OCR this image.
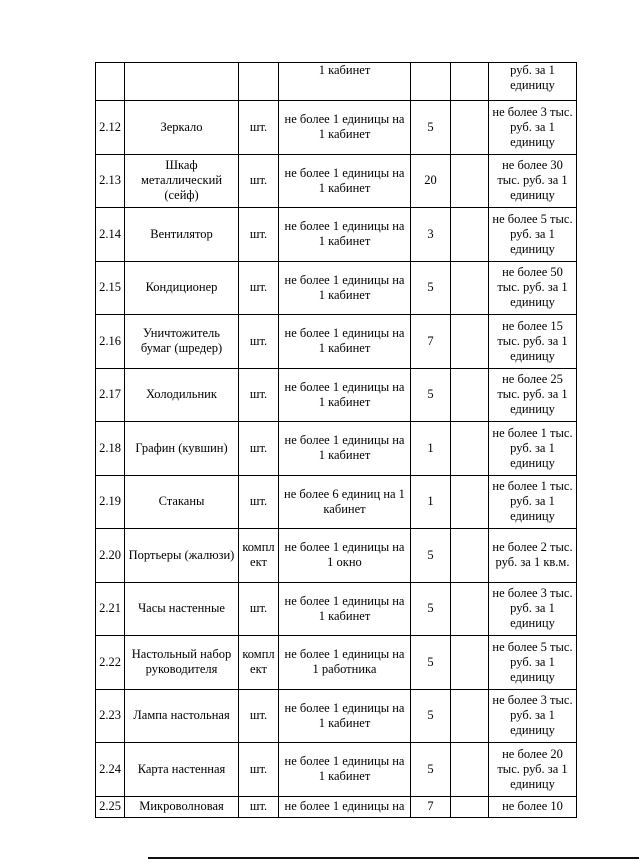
			1 кабинет			руб. за 1 единицу
2.12	Зеркало	шт.	не более 1 единицы на 1 кабинет	5		не более 3 тыс. руб. за 1 единицу
2.13	Шкаф металлический (сейф)	шт.	не более 1 единицы на 1 кабинет	20		не более 30 тыс. руб. за 1 единицу
2.14	Вентилятор	шт.	не более 1 единицы на 1 кабинет	3		не более 5 тыс. руб. за 1 единицу
2.15	Кондиционер	шт.	не более 1 единицы на 1 кабинет	5		не более 50 тыс. руб. за 1 единицу
2.16	Уничтожитель бумаг (шредер)	шт.	не более 1 единицы на 1 кабинет	7		не более 15 тыс. руб. за 1 единицу
2.17	Холодильник	шт.	не более 1 единицы на 1 кабинет	5		не более 25 тыс. руб. за 1 единицу
2.18	Графин (кувшин)	шт.	не более 1 единицы на 1 кабинет	1		не более 1 тыс. руб. за 1 единицу
2.19	Стаканы	шт.	не более 6 единиц на 1 кабинет	1		не более 1 тыс. руб. за 1 единицу
2.20	Портьеры (жалюзи)	компл ект	не более 1 единицы на 1 окно	5		не более 2 тыс. руб. за 1 кв.м.
2.21	Часы настенные	шт.	не более 1 единицы на 1 кабинет	5		не более 3 тыс. руб. за 1 единицу
2.22	Настольный набор руководителя	компл ект	не более 1 единицы на 1 работника	5		не более 5 тыс. руб. за 1 единицу
2.23	Лампа настольная	шт.	не более 1 единицы на 1 кабинет	5		не более 3 тыс. руб. за 1 единицу
2.24	Карта настенная	шт.	не более 1 единицы на 1 кабинет	5		не более 20 тыс. руб. за 1 единицу
2.25	Микроволновая	шт.	не более 1 единицы на	7		не более 10
